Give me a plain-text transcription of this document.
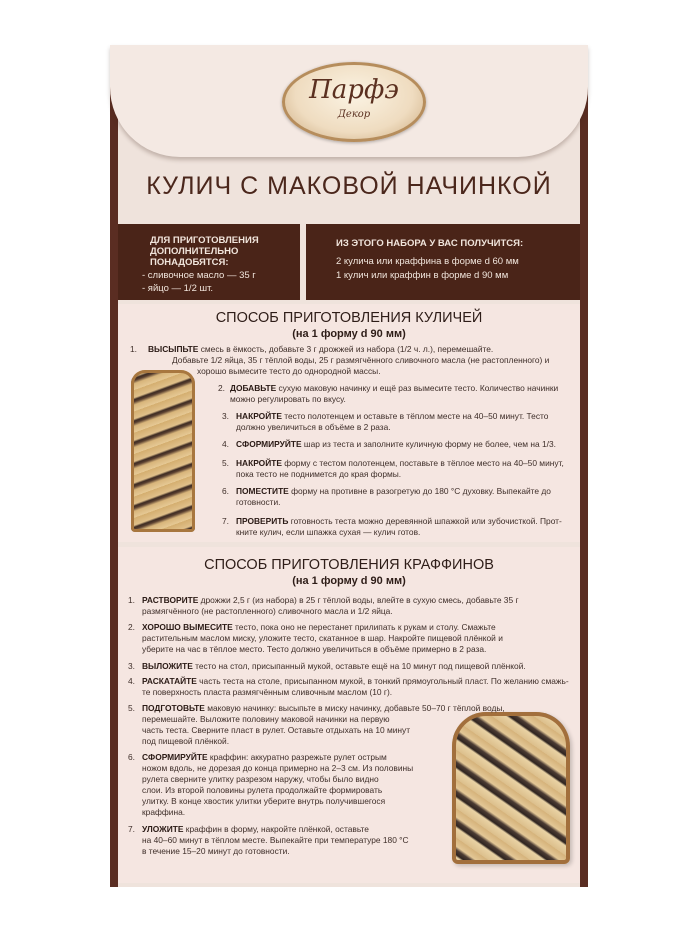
Парфэ
Декор
КУЛИЧ С МАКОВОЙ НАЧИНКОЙ
ДЛЯ ПРИГОТОВЛЕНИЯ
ДОПОЛНИТЕЛЬНО
ПОНАДОБЯТСЯ:
- сливочное масло — 35 г
- яйцо — 1/2 шт.
ИЗ ЭТОГО НАБОРА У ВАС ПОЛУЧИТСЯ:
2 кулича или краффина в форме d 60 мм
1 кулич или краффин в форме d 90 мм
СПОСОБ ПРИГОТОВЛЕНИЯ КУЛИЧЕЙ
(на 1 форму d 90 мм)
1. ВЫСЫПЬТЕ смесь в ёмкость, добавьте 3 г дрожжей из набора (1/2 ч. л.), перемешайте.
Добавьте 1/2 яйца, 35 г тёплой воды, 25 г размягчённого сливочного масла (не растопленного) и
хорошо вымесите тесто до однородной массы.
2. ДОБАВЬТЕ сухую маковую начинку и ещё раз вымесите тесто. Количество начинки
можно регулировать по вкусу.
3. НАКРОЙТЕ тесто полотенцем и оставьте в тёплом месте на 40–50 минут. Тесто
должно увеличиться в объёме в 2 раза.
4. СФОРМИРУЙТЕ шар из теста и заполните куличную форму не более, чем на 1/3.
5. НАКРОЙТЕ форму с тестом полотенцем, поставьте в тёплое место на 40–50 минут,
пока тесто не поднимется до края формы.
6. ПОМЕСТИТЕ форму на противне в разогретую до 180 °С духовку. Выпекайте до
готовности.
7. ПРОВЕРИТЬ готовность теста можно деревянной шпажкой или зубочисткой. Прот-
кните кулич, если шпажка сухая — кулич готов.
СПОСОБ ПРИГОТОВЛЕНИЯ КРАФФИНОВ
(на 1 форму d 90 мм)
1. РАСТВОРИТЕ дрожжи 2,5 г (из набора) в 25 г тёплой воды, влейте в сухую смесь, добавьте 35 г
размягчённого (не растопленного) сливочного масла и 1/2 яйца.
2. ХОРОШО ВЫМЕСИТЕ тесто, пока оно не перестанет прилипать к рукам и столу. Смажьте
растительным маслом миску, уложите тесто, скатанное в шар. Накройте пищевой плёнкой и
уберите на час в тёплое место. Тесто должно увеличиться в объёме примерно в 2 раза.
3. ВЫЛОЖИТЕ тесто на стол, присыпанный мукой, оставьте ещё на 10 минут под пищевой плёнкой.
4. РАСКАТАЙТЕ часть теста на столе, присыпанном мукой, в тонкий прямоугольный пласт. По желанию смажь-
те поверхность пласта размягчённым сливочным маслом (10 г).
5. ПОДГОТОВЬТЕ маковую начинку: высыпьте в миску начинку, добавьте 50–70 г тёплой воды,
перемешайте. Выложите половину маковой начинки на первую
часть теста. Сверните пласт в рулет. Оставьте отдыхать на 10 минут
под пищевой плёнкой.
6. СФОРМИРУЙТЕ краффин: аккуратно разрежьте рулет острым
ножом вдоль, не дорезая до конца примерно на 2–3 см. Из половины
рулета сверните улитку разрезом наружу, чтобы было видно
слои. Из второй половины рулета продолжайте формировать
улитку. В конце хвостик улитки уберите внутрь получившегося
краффина.
7. УЛОЖИТЕ краффин в форму, накройте плёнкой, оставьте
на 40–60 минут в тёплом месте. Выпекайте при температуре 180 °С
в течение 15–20 минут до готовности.
